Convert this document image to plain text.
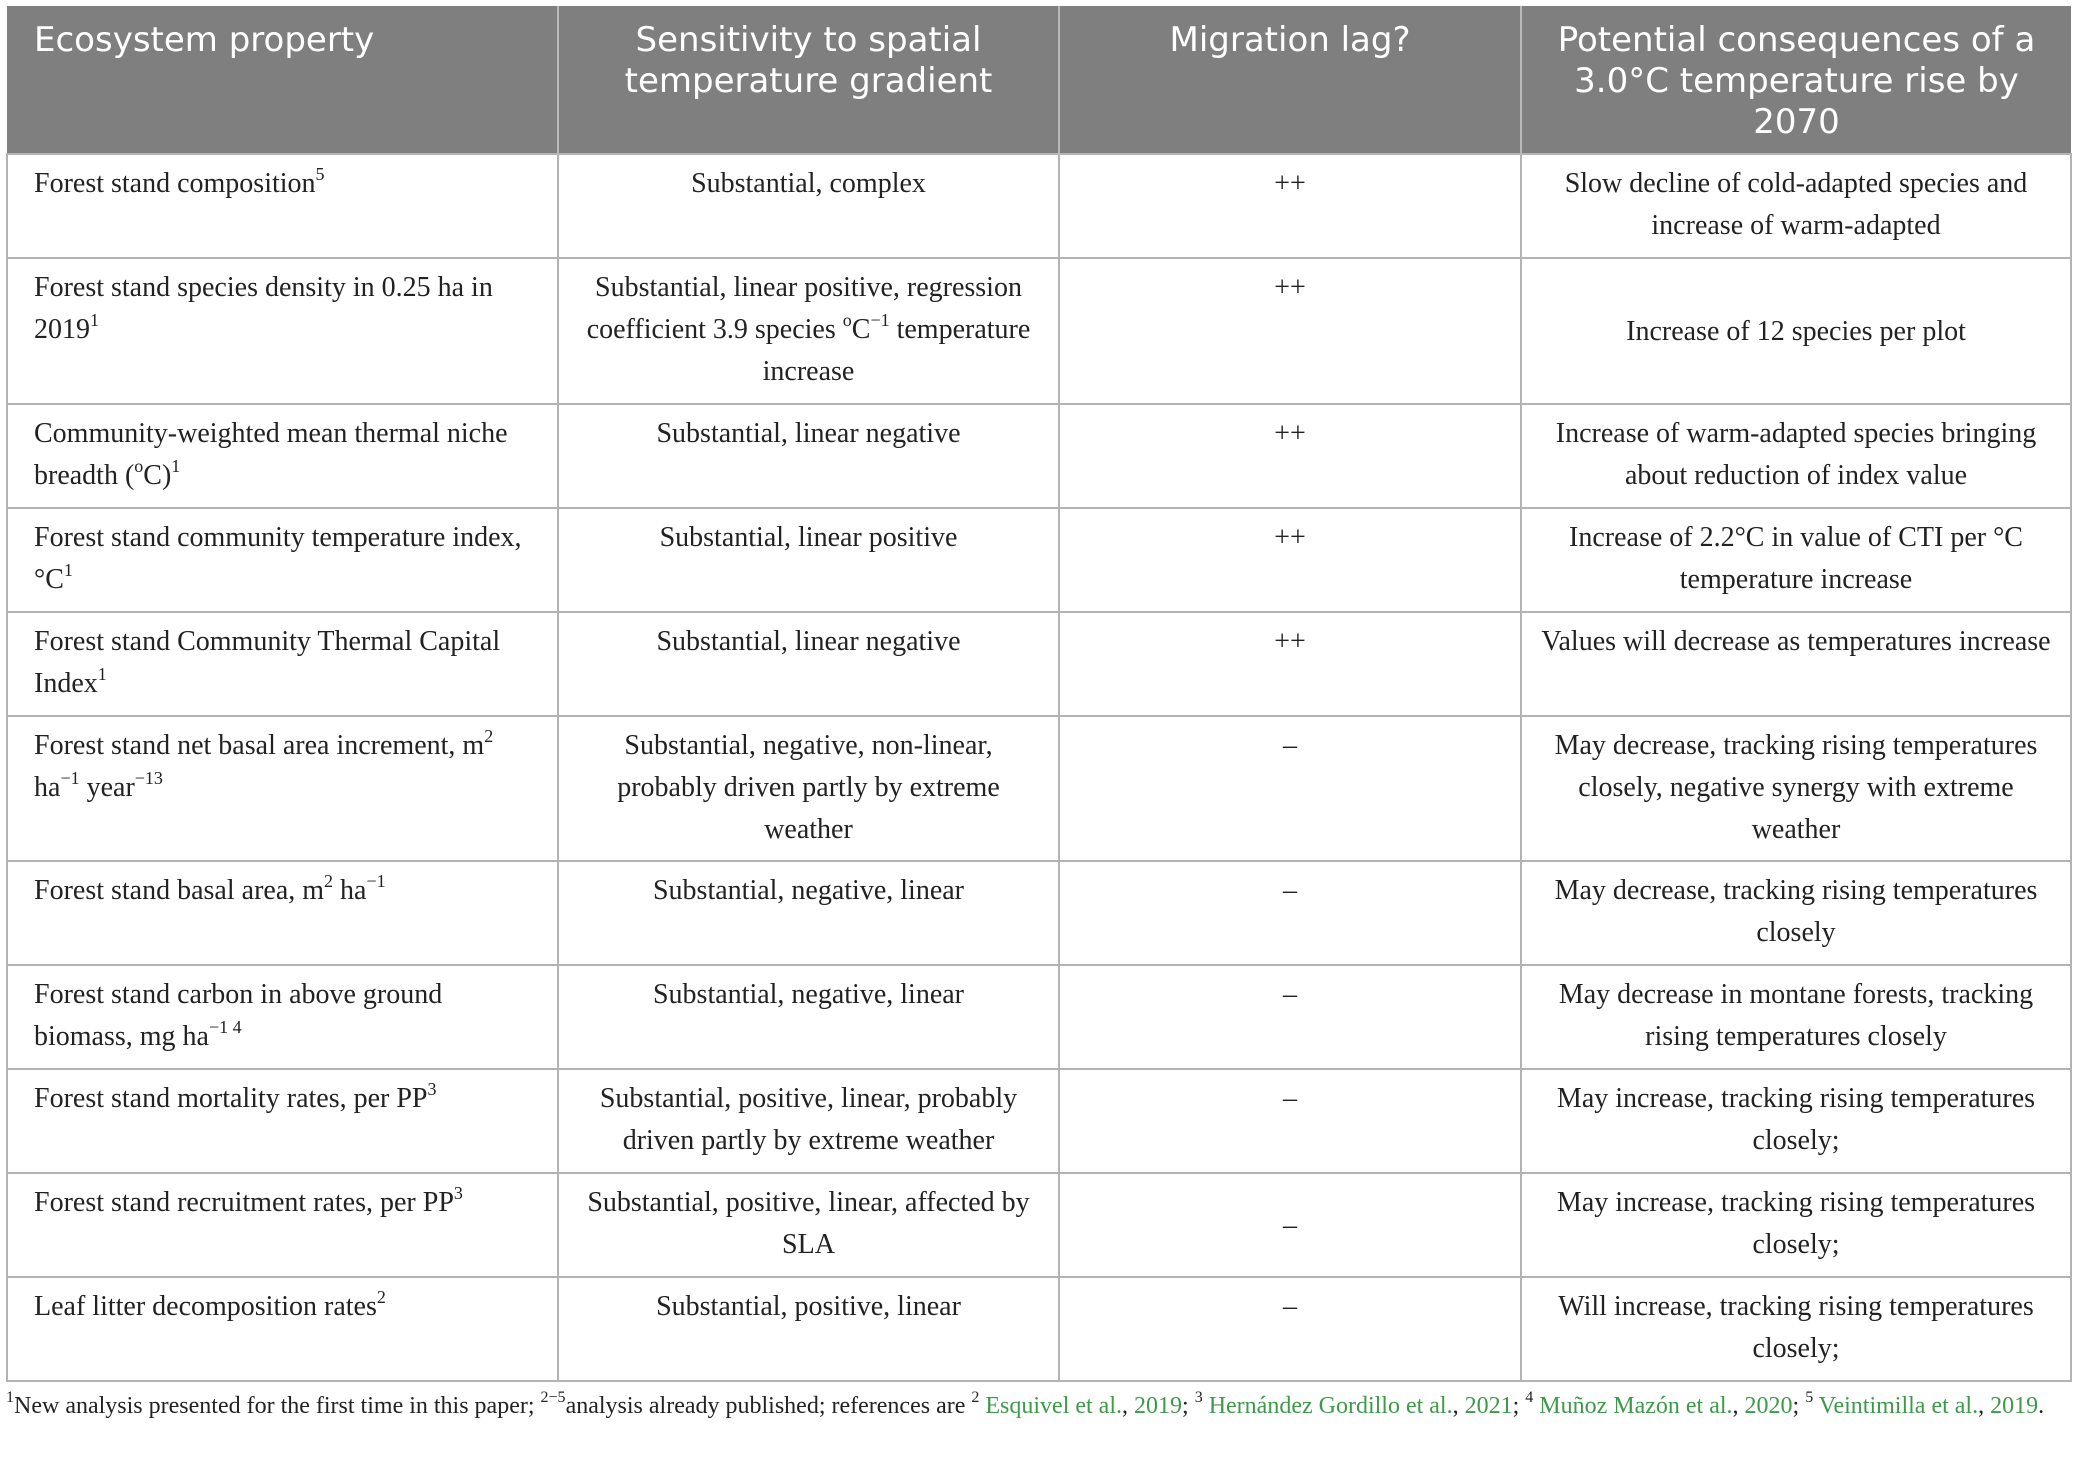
Ecosystem property	Sensitivity to spatial temperature gradient	Migration lag?	Potential consequences of a 3.0°C temperature rise by 2070
Forest stand composition$^5$	Substantial, complex	++	Slow decline of cold-adapted species and increase of warm-adapted
Forest stand species density in 0.25 ha in 2019$^1$	Substantial, linear positive, regression coefficient 3.9 species $^oC^{-1}$ temperature increase	++	Increase of 12 species per plot
Community-weighted mean thermal niche breadth $(^oC)^1$	Substantial, linear negative	++	Increase of warm-adapted species bringing about reduction of index value
Forest stand community temperature index, $^\circ C^1$	Substantial, linear positive	++	Increase of 2.2°C in value of CTI per °C temperature increase
Forest stand Community Thermal Capital Index$^1$	Substantial, linear negative	++	Values will decrease as temperatures increase
Forest stand net basal area increment, $m^2$ $ha^{-1}$ year$^{-13}$	Substantial, negative, non-linear, probably driven partly by extreme weather	–	May decrease, tracking rising temperatures closely, negative synergy with extreme weather
Forest stand basal area, $m^2$ $ha^{-1}$	Substantial, negative, linear	–	May decrease, tracking rising temperatures closely
Forest stand carbon in above ground biomass, mg $ha^{-1 4}$	Substantial, negative, linear	–	May decrease in montane forests, tracking rising temperatures closely
Forest stand mortality rates, per $PP^3$	Substantial, positive, linear, probably driven partly by extreme weather	–	May increase, tracking rising temperatures closely;
Forest stand recruitment rates, per $PP^3$	Substantial, positive, linear, affected by SLA	–	May increase, tracking rising temperatures closely;
Leaf litter decomposition rates$^2$	Substantial, positive, linear	–	Will increase, tracking rising temperatures closely;
$^1$New analysis presented for the first time in this paper; $^{2-5}$analysis already published; references are $^2$ Esquivel et al., 2019; $^3$ Hernández Gordillo et al., 2021; $^4$ Muñoz Mazón et al., 2020; $^5$ Veintimilla et al., 2019.
